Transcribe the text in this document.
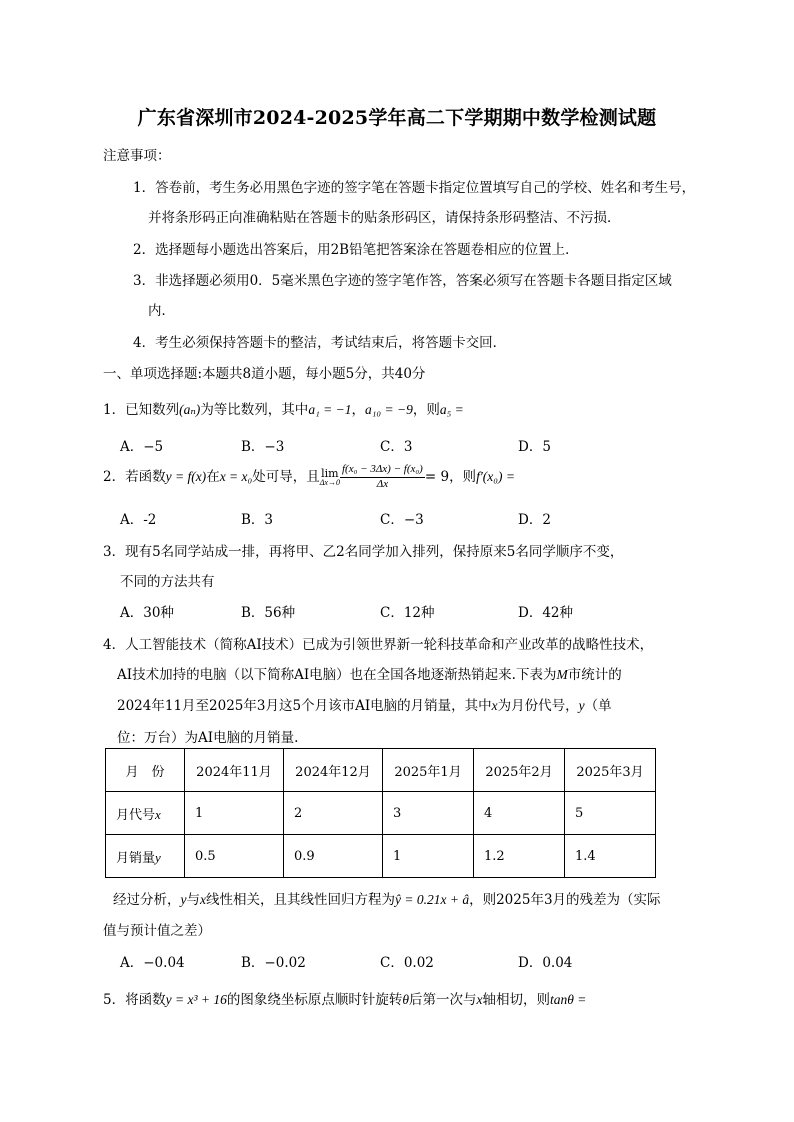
广东省深圳市2024-2025学年高二下学期期中数学检测试题
注意事项：
1．答卷前，考生务必用黑色字迹的签字笔在答题卡指定位置填写自己的学校、姓名和考生号，
并将条形码正向准确粘贴在答题卡的贴条形码区，请保持条形码整洁、不污损．
2．选择题每小题选出答案后，用2B铅笔把答案涂在答题卷相应的位置上．
3．非选择题必须用0．5毫米黑色字迹的签字笔作答，答案必须写在答题卡各题目指定区域
内．
4．考生必须保持答题卡的整洁，考试结束后，将答题卡交回．
一、单项选择题:本题共8道小题，每小题5分，共40分
1．已知数列(aₙ)为等比数列，其中a₁ = −1，a₁₀ = −9，则a₅ =
A．−5	B．−3	C．3	D．5
2．若函数y = f(x)在x = x₀处可导，且lim
$\Delta x\to 0 \frac{\text{f(x₀ − 3Δx) − f(x₀)}}{\Delta x} = 9$，则f′(x₀) =
A．-2	B．3	C．−3	D．2
3．现有5名同学站成一排，再将甲、乙2名同学加入排列，保持原来5名同学顺序不变，
不同的方法共有
A．30种	B．56种	C．12种	D．42种
4．人工智能技术（简称AI技术）已成为引领世界新一轮科技革命和产业改革的战略性技术，
AI技术加持的电脑（以下简称AI电脑）也在全国各地逐渐热销起来.下表为M市统计的
2024年11月至2025年3月这5个月该市AI电脑的月销量，其中x为月份代号，y（单
位：万台）为AI电脑的月销量.
月　份	2024年11月	2024年12月	2025年1月	2025年2月	2025年3月
月代号x	1	2	3	4	5
月销量y	0.5	0.9	1	1.2	1.4
经过分析，y与x线性相关，且其线性回归方程为ŷ = 0.21x + â，则2025年3月的残差为（实际
值与预计值之差）
A．−0.04	B．−0.02	C．0.02	D．0.04
5．将函数y = x³ + 16的图象绕坐标原点顺时针旋转θ后第一次与x轴相切，则tanθ =
